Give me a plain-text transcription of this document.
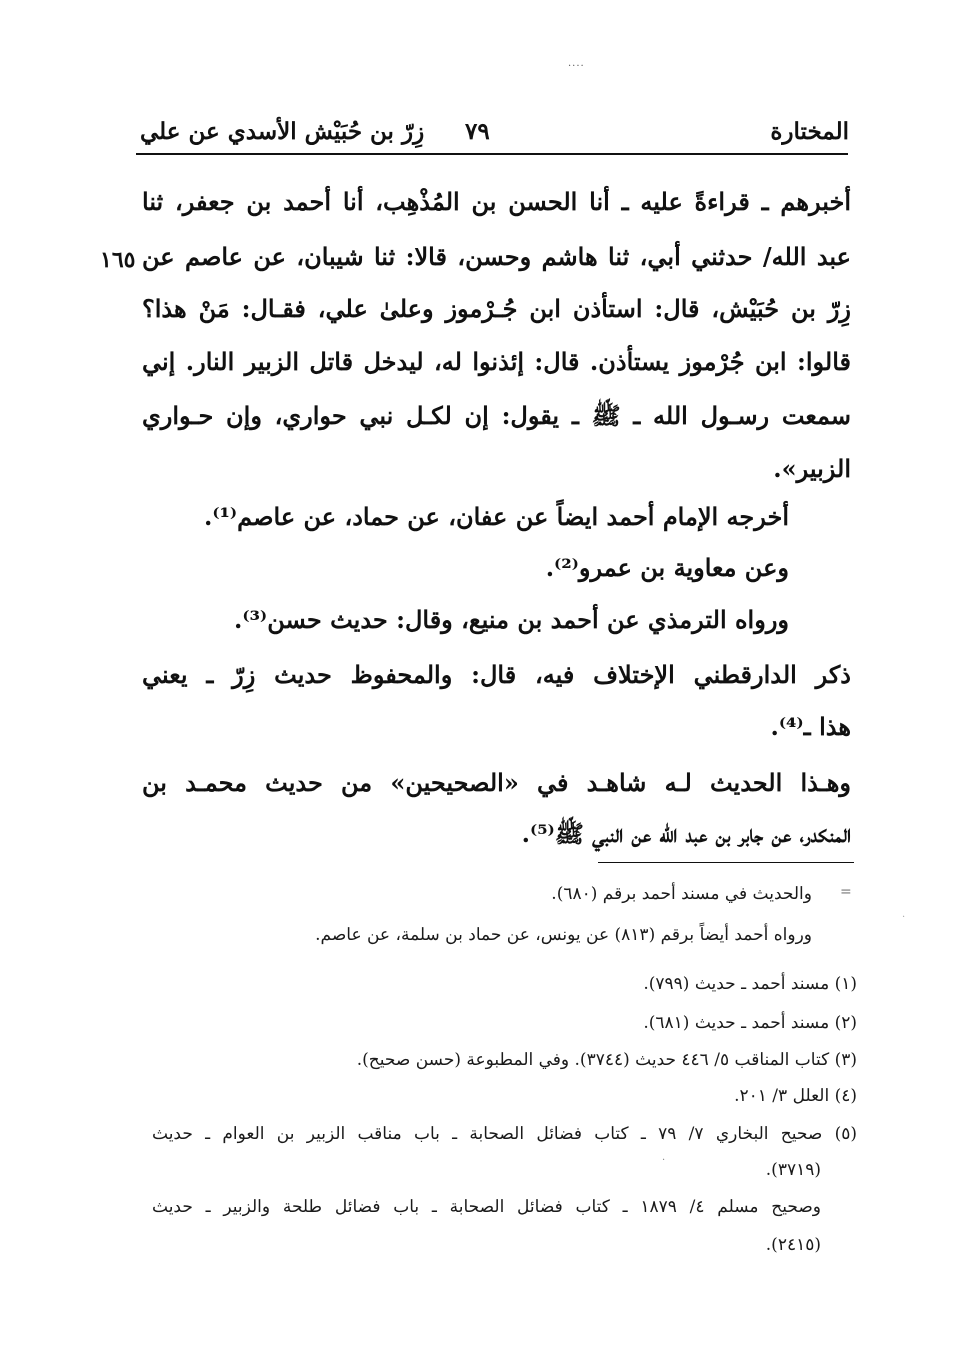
....
المختارة
٧٩
زِرّ بن حُبَيْش الأسدي عن علي
أخبرهم ـ قراءةً عليه ـ أنا الحسن بن المُذْهِب، أنا أحمد بن جعفر، ثنا
عبد الله/ حدثني أبي، ثنا هاشم وحسن، قالا: ثنا شيبان، عن عاصم عن
١٦٥
زِرّ بن حُبَيْش، قال: استأذن ابن جُـرْموز وعلىٰ علي، فقـال: مَنْ هذا؟
قالوا: ابن جُرْموز يستأذن. قال: إئذنوا له، ليدخل قاتل الزبير النار. إني
سمعت رسـول الله ـ ﷺ ـ يقول: إن لكـل نبي حواري، وإن حـواري
الزبير».
أخرجه الإمام أحمد ايضاً عن عفان، عن حماد، عن عاصم⁽¹⁾.
وعن معاوية بن عمرو⁽²⁾.
ورواه الترمذي عن أحمد بن منيع، وقال: حديث حسن⁽³⁾.
ذكر الدارقطني الإختلاف فيه، قال: والمحفوظ حديث زِرّ ـ يعني
هذا ـ⁽⁴⁾.
وهـذا الحديث لـه شاهـد في «الصحيحين» من حديث محمـد بن
المنكدر، عن جابر بن عبد الله عن النبي ﷺ⁽⁵⁾.
=
والحديث في مسند أحمد برقم (٦٨٠).
ورواه أحمد أيضاً برقم (٨١٣) عن يونس، عن حماد بن سلمة، عن عاصم.
(١) مسند أحمد ـ حديث (٧٩٩).
(٢) مسند أحمد ـ حديث (٦٨١).
(٣) كتاب المناقب ٥/ ٤٤٦ حديث (٣٧٤٤). وفي المطبوعة (حسن صحيح).
(٤) العلل ٣/ ٢٠١.
(٥) صحيح البخاري ٧/ ٧٩ ـ كتاب فضائل الصحابة ـ باب مناقب الزبير بن العوام ـ حديث
(٣٧١٩).
وصحيح مسلم ٤/ ١٨٧٩ ـ كتاب فضائل الصحابة ـ باب فضائل طلحة والزبير ـ حديث
(٢٤١٥).
·
·
